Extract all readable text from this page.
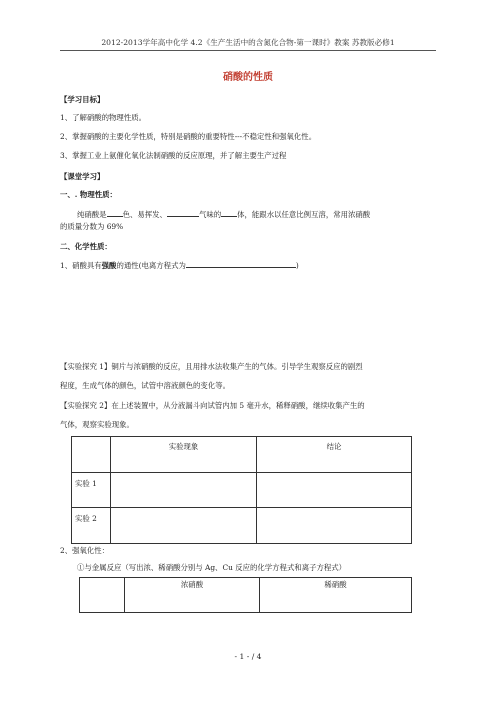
2012-2013学年高中化学 4.2《生产生活中的含氮化合物-第一课时》教案 苏教版必修1
硝酸的性质
【学习目标】
1、了解硝酸的物理性质。
2、掌握硝酸的主要化学性质，特别是硝酸的重要特性---不稳定性和强氧化性。
3、掌握工业上氨催化氧化法制硝酸的反应原理，并了解主要生产过程
【课堂学习】
一、. 物理性质：
纯硝酸是 色、易挥发、	气味的 体，能跟水以任意比例互溶，常用浓硝酸
的质量分数为 69%
二、化学性质：
1、硝酸具有强酸的通性(电离方程式为	)
【实验探究 1】铜片与浓硝酸的反应，且用排水法收集产生的气体。引导学生观察反应的剧烈
程度，生成气体的颜色，试管中溶液颜色的变化等。
【实验探究 2】在上述装置中，从分液漏斗向试管内加 5 毫升水，稀释硝酸，继续收集产生的
气体，观察实验现象。
	实验现象	结论
实验 1		
实验 2		
2、强氧化性：
①与金属反应（写出浓、稀硝酸分别与 Ag、Cu 反应的化学方程式和离子方程式）
	浓硝酸	稀硝酸
- 1 - / 4
